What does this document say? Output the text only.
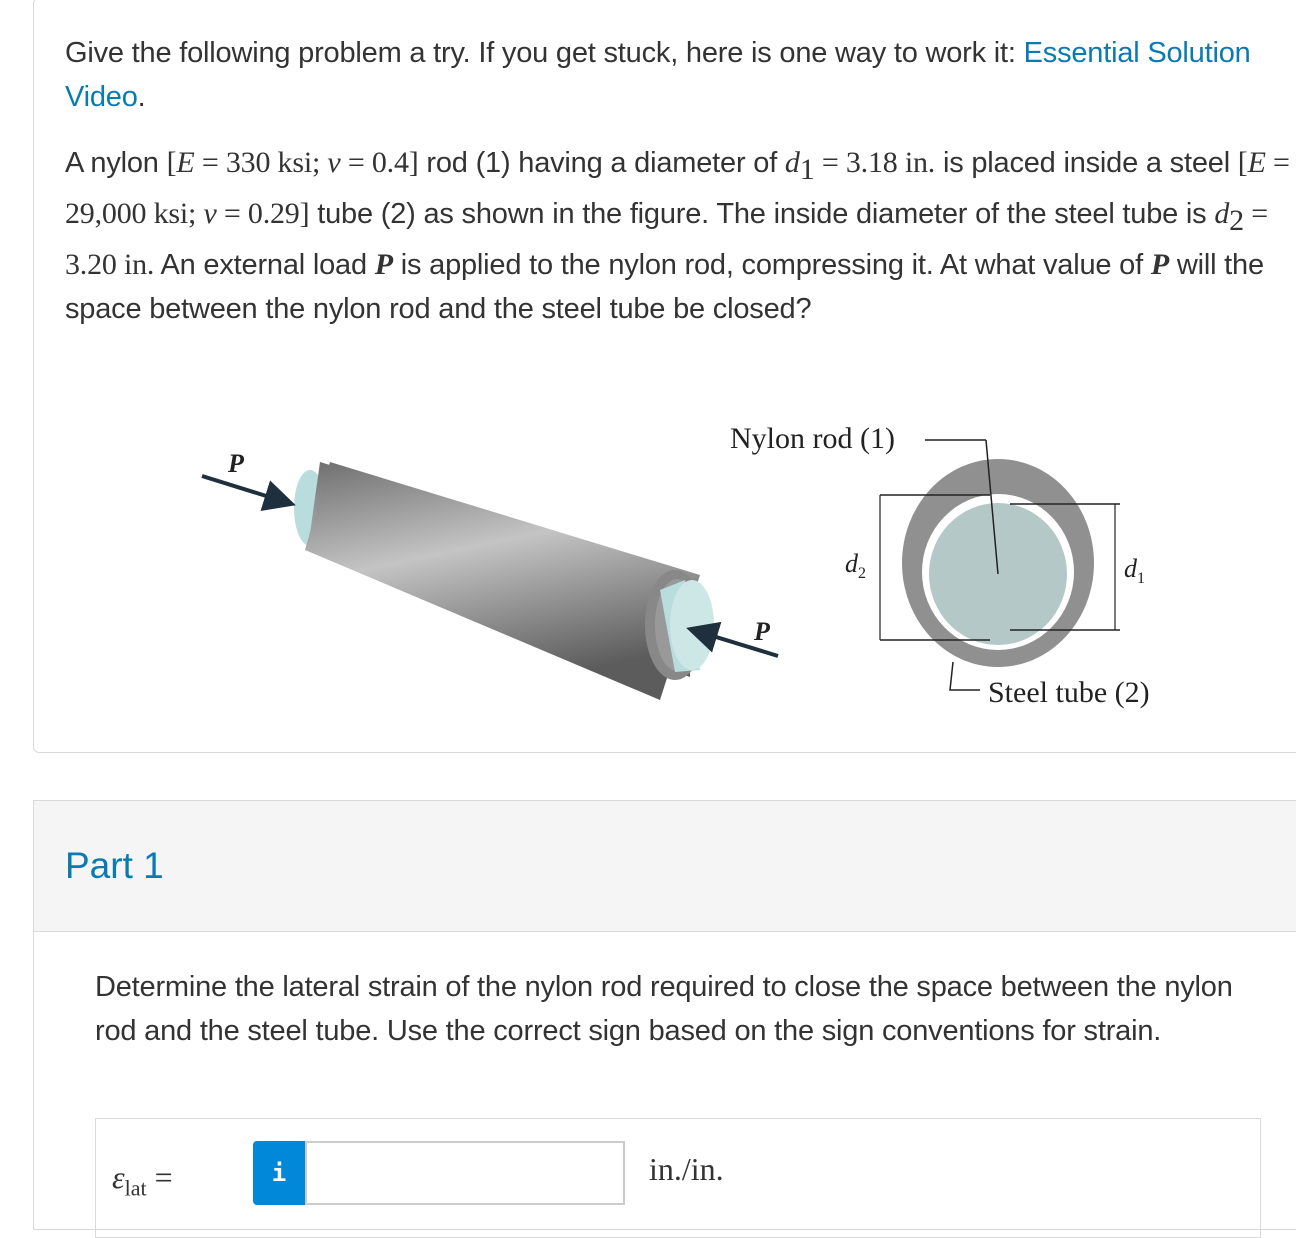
Give the following problem a try. If you get stuck, here is one way to work it: Essential Solution Video.
A nylon [E = 330 ksi; ν = 0.4] rod (1) having a diameter of $d_1 = 3.18$ in. is placed inside a steel [E = 29,000 ksi; ν = 0.29] tube (2) as shown in the figure. The inside diameter of the steel tube is $d_2 = 3.20$ in. An external load P is applied to the nylon rod, compressing it. At what value of P will the space between the nylon rod and the steel tube be closed?
P
P
Nylon rod (1)
Steel tube (2)
$d_2$	$d_1$
Part 1
Determine the lateral strain of the nylon rod required to close the space between the nylon rod and the steel tube. Use the correct sign based on the sign conventions for strain.
$\varepsilon_{lat}$ =	i	in./in.
